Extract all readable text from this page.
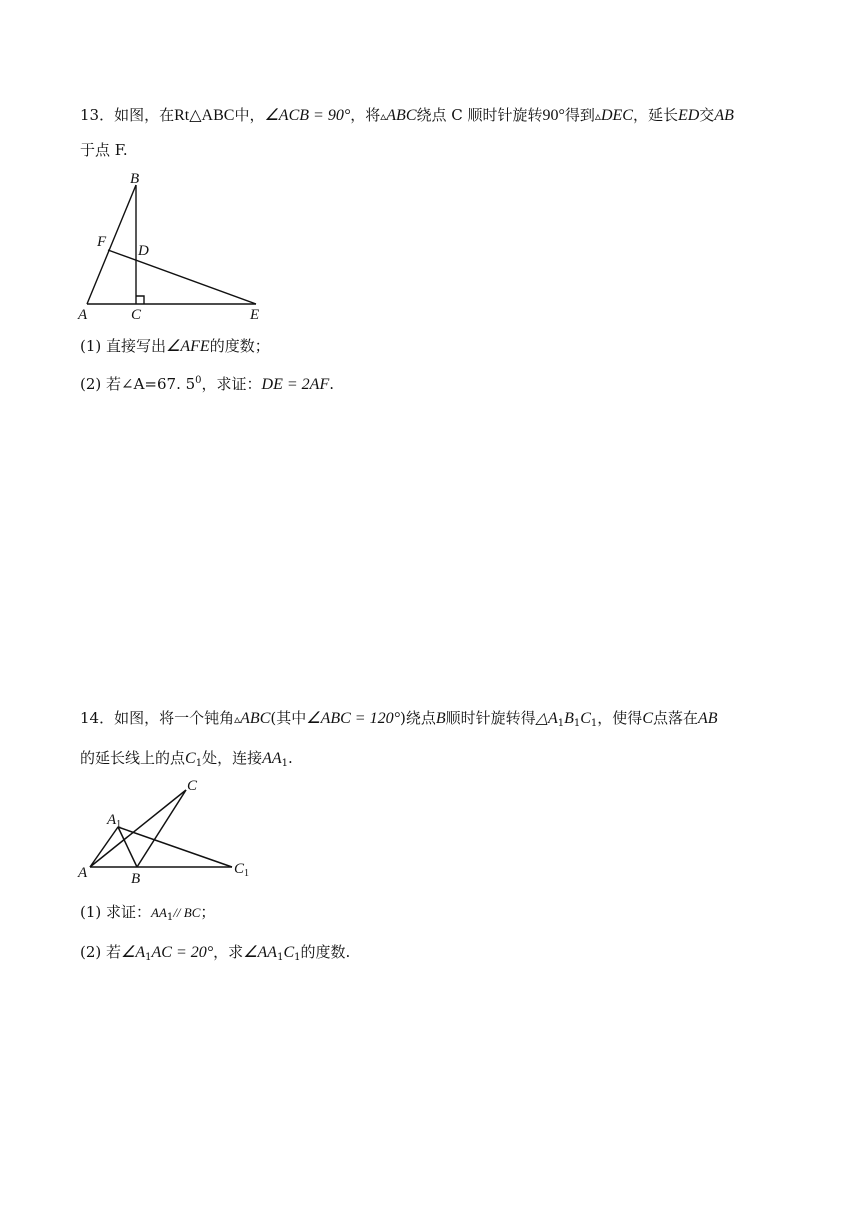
13．如图，在Rt△ABC中，∠ACB = 90°，将▵ABC绕点 C 顺时针旋转90°得到▵DEC，延长ED交AB
于点 F.
B
F
D
A	C	E
(1) 直接写出∠AFE的度数；
(2) 若∠A=67. $5^0$，求证：DE = 2AF.
14．如图，将一个钝角▵ABC(其中∠ABC = 120°)绕点B顺时针旋转得$\triangle A_1B_1C_1$，使得C点落在AB
的延长线上的点$C_1$处，连接$AA_1$.
C
$A_1$
A	B
$C_1$
(1) 求证：$AA_1//$ BC；
(2) 若$\angle A_1AC = 20^\circ$，求$\angle AA_1C_1$的度数.
